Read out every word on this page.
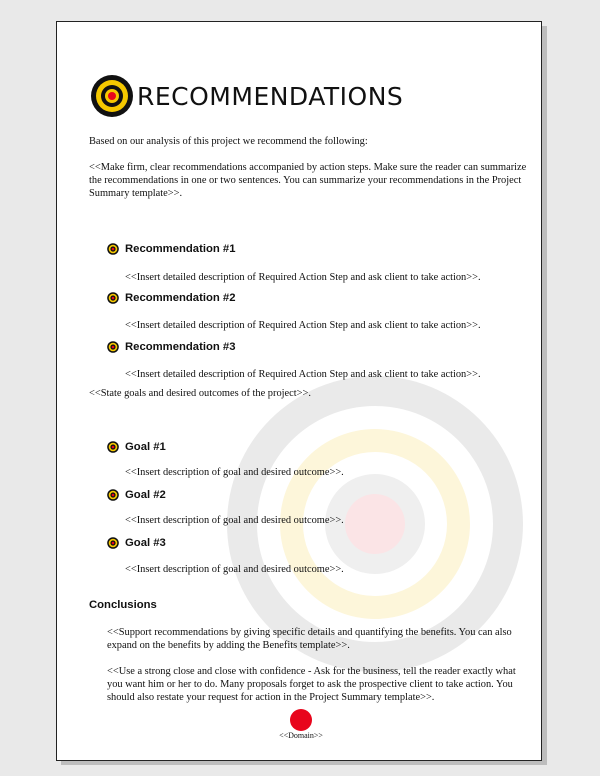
RECOMMENDATIONS

Based on our analysis of this project we recommend the following:

<<Make firm, clear recommendations accompanied by action steps. Make sure the reader can summarize the recommendations in one or two sentences. You can summarize your recommendations in the Project Summary template>>.

Recommendation #1
<<Insert detailed description of Required Action Step and ask client to take action>>.
Recommendation #2
<<Insert detailed description of Required Action Step and ask client to take action>>.
Recommendation #3
<<Insert detailed description of Required Action Step and ask client to take action>>.
<<State goals and desired outcomes of the project>>.
Goal #1
<<Insert description of goal and desired outcome>>.
Goal #2
<<Insert description of goal and desired outcome>>.
Goal #3
<<Insert description of goal and desired outcome>>.
Conclusions

<<Support recommendations by giving specific details and quantifying the benefits. You can also expand on the benefits by adding the Benefits template>>.

<<Use a strong close and close with confidence - Ask for the business, tell the reader exactly what you want him or her to do. Many proposals forget to ask the prospective client to take action. You should also restate your request for action in the Project Summary template>>.

<<Domain>>
